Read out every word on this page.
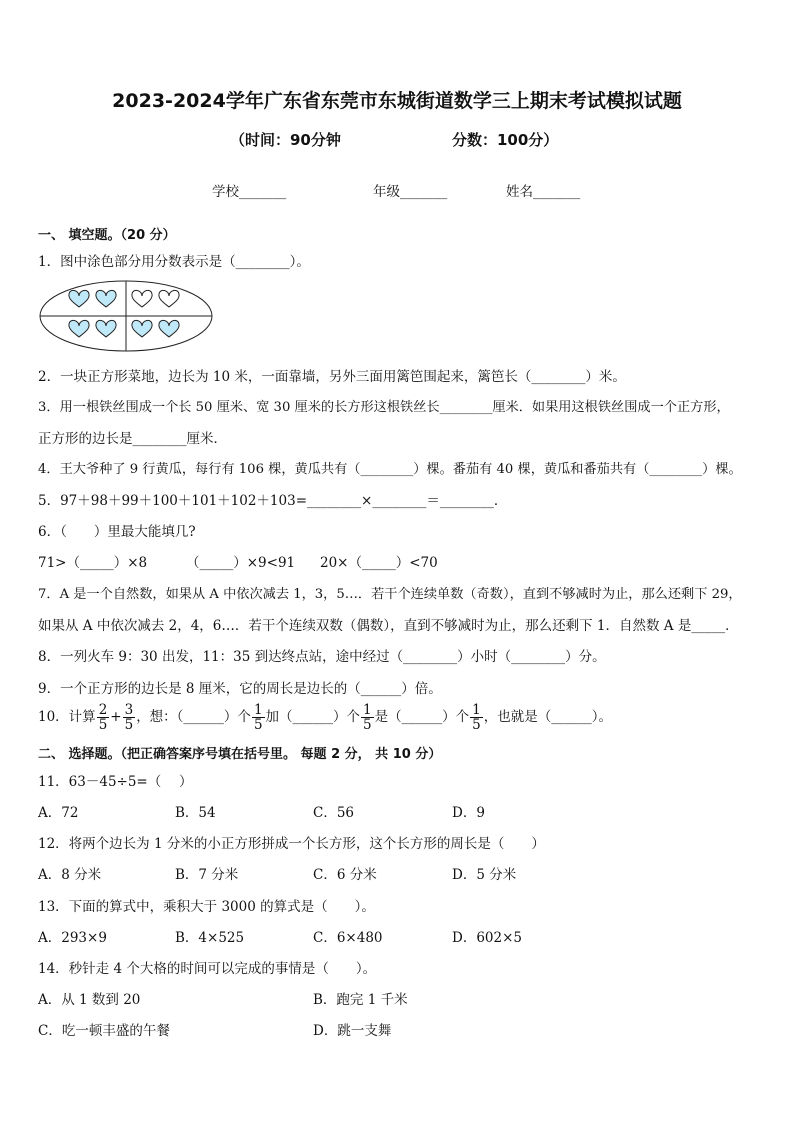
2023-2024学年广东省东莞市东城街道数学三上期末考试模拟试题
（时间：90分钟	分数：100分）
学校_______	年级_______	姓名_______
一、 填空题。（20 分）
1．图中涂色部分用分数表示是（________）。
2．一块正方形菜地，边长为 10 米，一面靠墙，另外三面用篱笆围起来，篱笆长（________）米。
3．用一根铁丝围成一个长 50 厘米、宽 30 厘米的长方形这根铁丝长________厘米．如果用这根铁丝围成一个正方形，
正方形的边长是________厘米．
4．王大爷种了 9 行黄瓜，每行有 106 棵，黄瓜共有（________）棵。番茄有 40 棵，黄瓜和番茄共有（________）棵。
5．97＋98＋99＋100＋101＋102＋103=________×________＝________．
6．（　　）里最大能填几?
71>（_____）×8	（_____）×9<91 20×（_____）<70
7．A 是一个自然数，如果从 A 中依次减去 1，3，5…．若干个连续单数（奇数），直到不够减时为止，那么还剩下 29，
如果从 A 中依次减去 2，4，6…．若干个连续双数（偶数），直到不够减时为止，那么还剩下 1．自然数 A 是_____．
8．一列火车 9：30 出发，11：35 到达终点站，途中经过（________）小时（________）分。
9．一个正方形的边长是 8 厘米，它的周长是边长的（______）倍。
10．计算 $\frac{2}{5} + \frac{3}{5}$ ，想：（______）个 $\frac{1}{5}$ 加（______）个 $\frac{1}{5}$ 是（______）个 $\frac{1}{5}$ ，也就是（______）。
二、 选择题。（把正确答案序号填在括号里。 每题 2 分， 共 10 分）
11．63－45÷5=（　 ）
A．72	B．54	C．56	D．9
12．将两个边长为 1 分米的小正方形拼成一个长方形，这个长方形的周长是（　　）
A．8 分米	B．7 分米	C．6 分米	D．5 分米
13．下面的算式中，乘积大于 3000 的算式是（　　）。
A．293×9	B．4×525	C．6×480	D．602×5
14．秒针走 4 个大格的时间可以完成的事情是（　　）。
A．从 1 数到 20	B．跑完 1 千米
C．吃一顿丰盛的午餐	D．跳一支舞
